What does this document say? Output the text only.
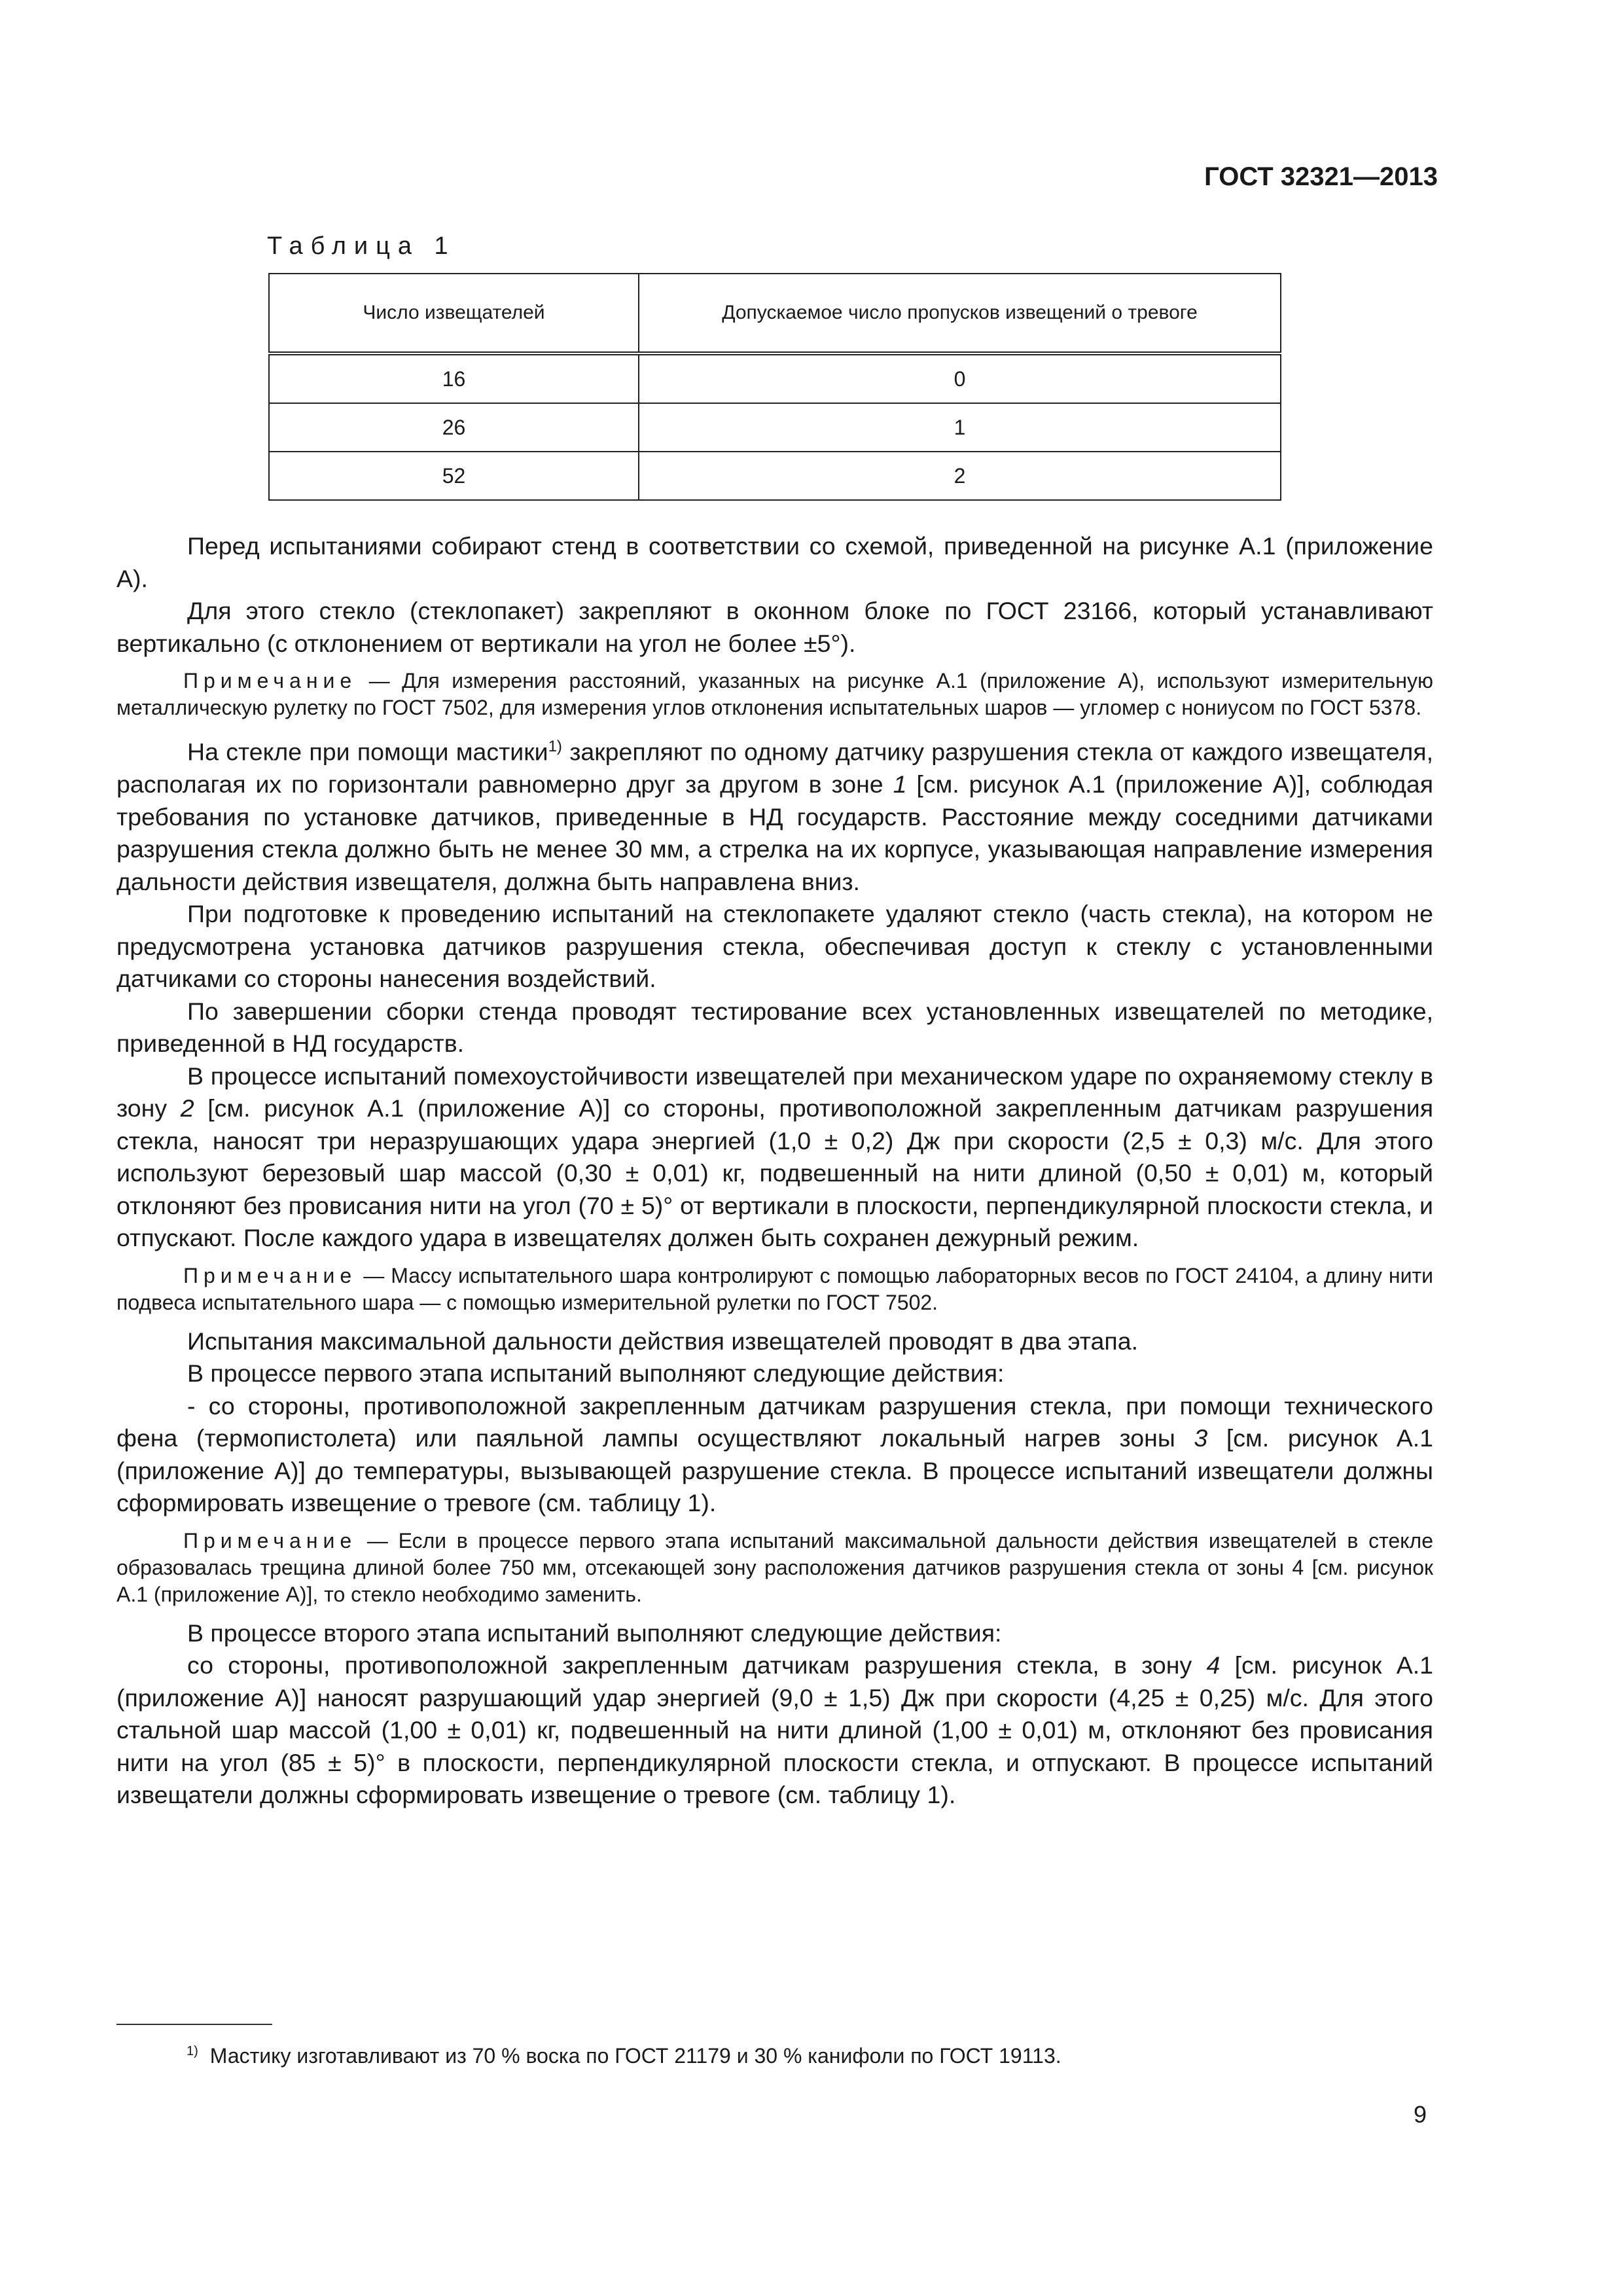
ГОСТ 32321—2013
Таблица 1
Число извещателей	Допускаемое число пропусков извещений о тревоге
16	0
26	1
52	2

Перед испытаниями собирают стенд в соответствии со схемой, приведенной на рисунке А.1 (приложение А).

Для этого стекло (стеклопакет) закрепляют в оконном блоке по ГОСТ 23166, который устанавливают вертикально (с отклонением от вертикали на угол не более ±5°).

Примечание — Для измерения расстояний, указанных на рисунке А.1 (приложение А), используют измерительную металлическую рулетку по ГОСТ 7502, для измерения углов отклонения испытательных шаров — угломер с нониусом по ГОСТ 5378.

На стекле при помощи мастики$^{1)}$ закрепляют по одному датчику разрушения стекла от каждого извещателя, располагая их по горизонтали равномерно друг за другом в зоне 1 [см. рисунок А.1 (приложение А)], соблюдая требования по установке датчиков, приведенные в НД государств. Расстояние между соседними датчиками разрушения стекла должно быть не менее 30 мм, а стрелка на их корпусе, указывающая направление измерения дальности действия извещателя, должна быть направлена вниз.

При подготовке к проведению испытаний на стеклопакете удаляют стекло (часть стекла), на котором не предусмотрена установка датчиков разрушения стекла, обеспечивая доступ к стеклу с установленными датчиками со стороны нанесения воздействий.

По завершении сборки стенда проводят тестирование всех установленных извещателей по методике, приведенной в НД государств.

В процессе испытаний помехоустойчивости извещателей при механическом ударе по охраняемому стеклу в зону 2 [см. рисунок А.1 (приложение А)] со стороны, противоположной закрепленным датчикам разрушения стекла, наносят три неразрушающих удара энергией (1,0 ± 0,2) Дж при скорости (2,5 ± 0,3) м/с. Для этого используют березовый шар массой (0,30 ± 0,01) кг, подвешенный на нити длиной (0,50 ± 0,01) м, который отклоняют без провисания нити на угол (70 ± 5)° от вертикали в плоскости, перпендикулярной плоскости стекла, и отпускают. После каждого удара в извещателях должен быть сохранен дежурный режим.

Примечание — Массу испытательного шара контролируют с помощью лабораторных весов по ГОСТ 24104, а длину нити подвеса испытательного шара — с помощью измерительной рулетки по ГОСТ 7502.

Испытания максимальной дальности действия извещателей проводят в два этапа.

В процессе первого этапа испытаний выполняют следующие действия:

- со стороны, противоположной закрепленным датчикам разрушения стекла, при помощи технического фена (термопистолета) или паяльной лампы осуществляют локальный нагрев зоны 3 [см. рисунок А.1 (приложение А)] до температуры, вызывающей разрушение стекла. В процессе испытаний извещатели должны сформировать извещение о тревоге (см. таблицу 1).

Примечание — Если в процессе первого этапа испытаний максимальной дальности действия извещателей в стекле образовалась трещина длиной более 750 мм, отсекающей зону расположения датчиков разрушения стекла от зоны 4 [см. рисунок А.1 (приложение А)], то стекло необходимо заменить.

В процессе второго этапа испытаний выполняют следующие действия:

со стороны, противоположной закрепленным датчикам разрушения стекла, в зону 4 [см. рисунок А.1 (приложение А)] наносят разрушающий удар энергией (9,0 ± 1,5) Дж при скорости (4,25 ± 0,25) м/с. Для этого стальной шар массой (1,00 ± 0,01) кг, подвешенный на нити длиной (1,00 ± 0,01) м, отклоняют без провисания нити на угол (85 ± 5)° в плоскости, перпендикулярной плоскости стекла, и отпускают. В процессе испытаний извещатели должны сформировать извещение о тревоге (см. таблицу 1).

$^{1)}$ Мастику изготавливают из 70 % воска по ГОСТ 21179 и 30 % канифоли по ГОСТ 19113.
9
